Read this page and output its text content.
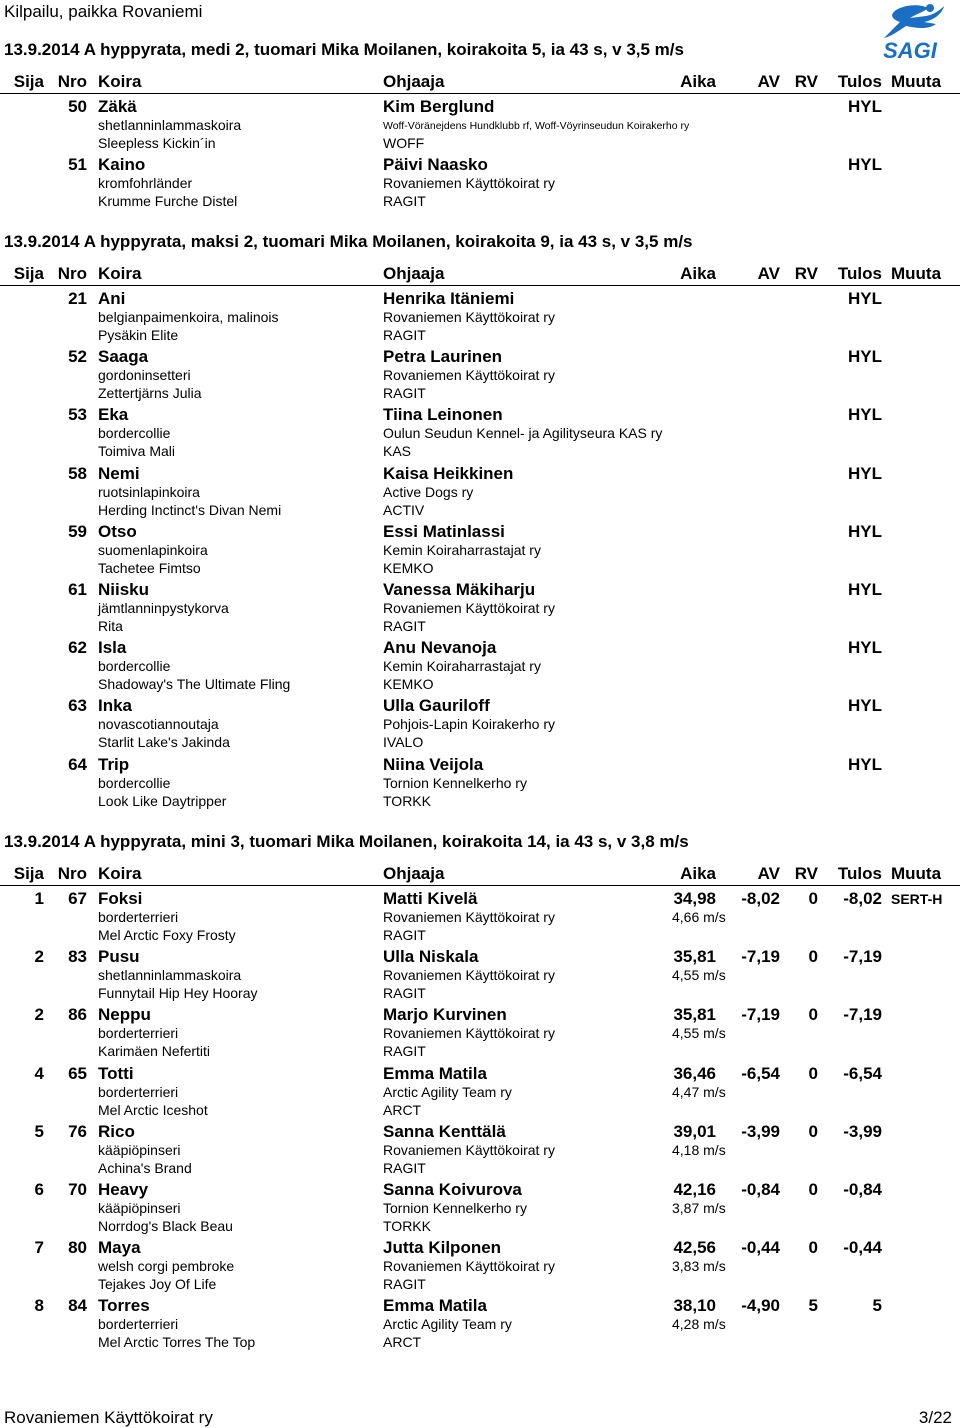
Kilpailu, paikka Rovaniemi
SAGI
13.9.2014 A hyppyrata, medi 2, tuomari Mika Moilanen, koirakoita 5, ia 43 s, v 3,5 m/s
Sija Nro Koira	Ohjaaja	Aika AV RV Tulos Muuta
50 Zäkä	Kim Berglund	HYL
shetlanninlammaskoira	Woff-Vöränejdens Hundklubb rf, Woff-Vöyrinseudun Koirakerho ry
Sleepless Kickin´in	WOFF
51 Kaino	Päivi Naasko	HYL
kromfohrländer	Rovaniemen Käyttökoirat ry
Krumme Furche Distel	RAGIT
13.9.2014 A hyppyrata, maksi 2, tuomari Mika Moilanen, koirakoita 9, ia 43 s, v 3,5 m/s
Sija Nro Koira	Ohjaaja	Aika AV RV Tulos Muuta
21 Ani	Henrika Itäniemi	HYL
belgianpaimenkoira, malinois	Rovaniemen Käyttökoirat ry
Pysäkin Elite	RAGIT
52 Saaga	Petra Laurinen	HYL
gordoninsetteri	Rovaniemen Käyttökoirat ry
Zettertjärns Julia	RAGIT
53 Eka	Tiina Leinonen	HYL
bordercollie	Oulun Seudun Kennel- ja Agilityseura KAS ry
Toimiva Mali	KAS
58 Nemi	Kaisa Heikkinen	HYL
ruotsinlapinkoira	Active Dogs ry
Herding Inctinct's Divan Nemi	ACTIV
59 Otso	Essi Matinlassi	HYL
suomenlapinkoira	Kemin Koiraharrastajat ry
Tachetee Fimtso	KEMKO
61 Niisku	Vanessa Mäkiharju	HYL
jämtlanninpystykorva	Rovaniemen Käyttökoirat ry
Rita	RAGIT
62 Isla	Anu Nevanoja	HYL
bordercollie	Kemin Koiraharrastajat ry
Shadoway's The Ultimate Fling	KEMKO
63 Inka	Ulla Gauriloff	HYL
novascotiannoutaja	Pohjois-Lapin Koirakerho ry
Starlit Lake's Jakinda	IVALO
64 Trip	Niina Veijola	HYL
bordercollie	Tornion Kennelkerho ry
Look Like Daytripper	TORKK
13.9.2014 A hyppyrata, mini 3, tuomari Mika Moilanen, koirakoita 14, ia 43 s, v 3,8 m/s
Sija Nro Koira	Ohjaaja	Aika AV RV Tulos Muuta
1 67 Foksi	Matti Kivelä	34,98 -8,02 0 -8,02 SERT-H
borderterrieri	Rovaniemen Käyttökoirat ry	4,66 m/s
Mel Arctic Foxy Frosty	RAGIT
2 83 Pusu	Ulla Niskala	35,81 -7,19 0 -7,19
shetlanninlammaskoira	Rovaniemen Käyttökoirat ry	4,55 m/s
Funnytail Hip Hey Hooray	RAGIT
2 86 Neppu	Marjo Kurvinen	35,81 -7,19 0 -7,19
borderterrieri	Rovaniemen Käyttökoirat ry	4,55 m/s
Karimäen Nefertiti	RAGIT
4 65 Totti	Emma Matila	36,46 -6,54 0 -6,54
borderterrieri	Arctic Agility Team ry	4,47 m/s
Mel Arctic Iceshot	ARCT
5 76 Rico	Sanna Kenttälä	39,01 -3,99 0 -3,99
kääpiöpinseri	Rovaniemen Käyttökoirat ry	4,18 m/s
Achina's Brand	RAGIT
6 70 Heavy	Sanna Koivurova	42,16 -0,84 0 -0,84
kääpiöpinseri	Tornion Kennelkerho ry	3,87 m/s
Norrdog's Black Beau	TORKK
7 80 Maya	Jutta Kilponen	42,56 -0,44 0 -0,44
welsh corgi pembroke	Rovaniemen Käyttökoirat ry	3,83 m/s
Tejakes Joy Of Life	RAGIT
8 84 Torres	Emma Matila	38,10 -4,90 5	5
borderterrieri	Arctic Agility Team ry	4,28 m/s
Mel Arctic Torres The Top	ARCT
Rovaniemen Käyttökoirat ry	3/22
